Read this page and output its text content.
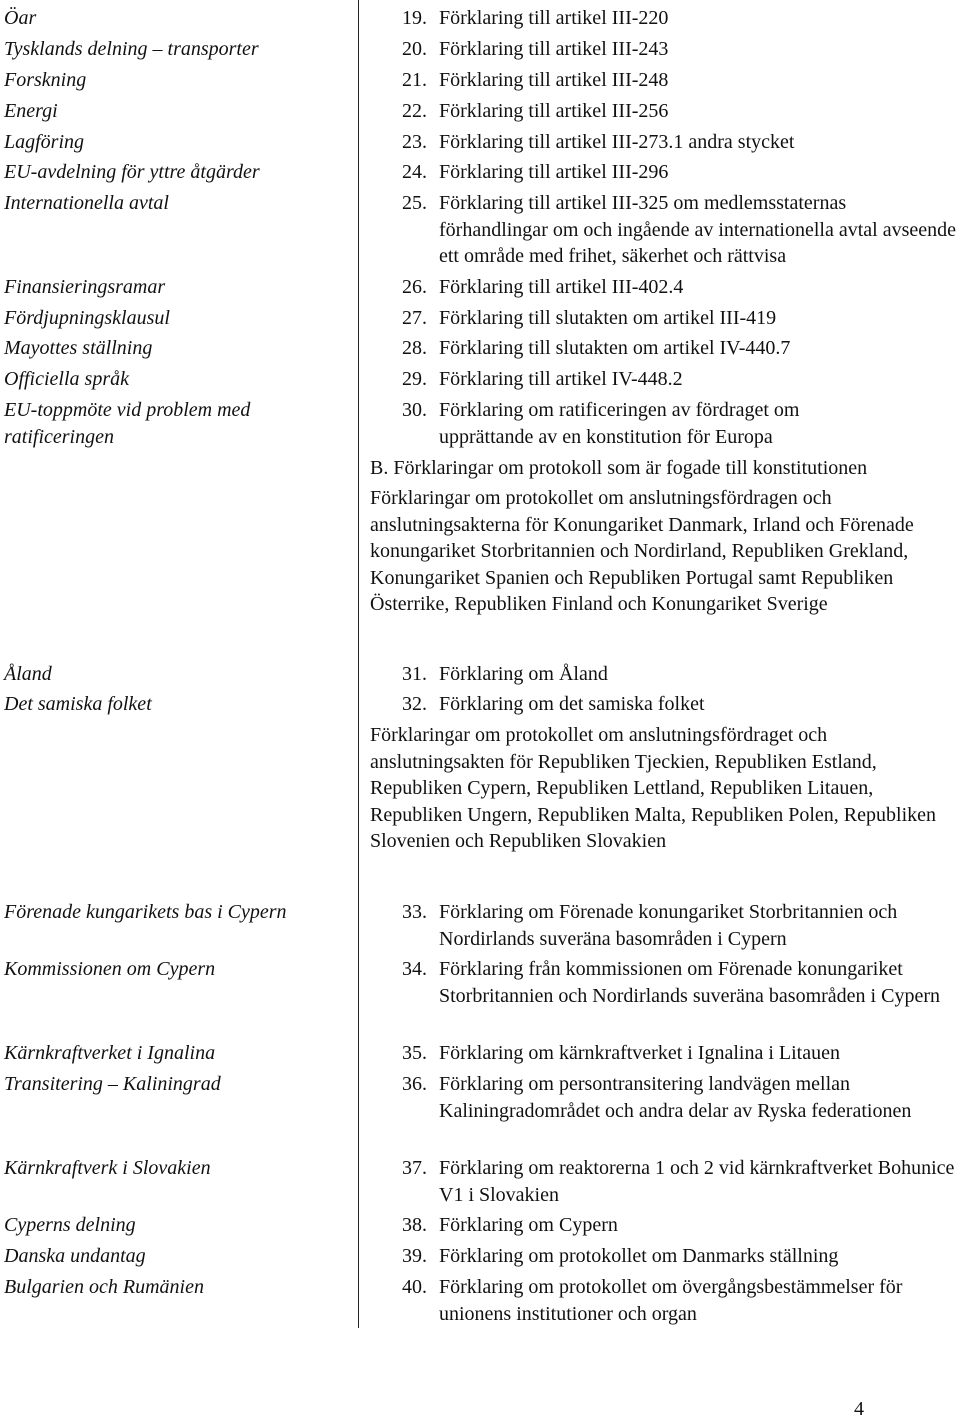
Öar
Tysklands delning – transporter
Forskning
Energi
Lagföring
EU-avdelning för yttre åtgärder
Internationella avtal
Finansieringsramar
Fördjupningsklausul
Mayottes ställning
Officiella språk
EU-toppmöte vid problem med ratificeringen
Åland
Det samiska folket
Förenade kungarikets bas i Cypern
Kommissionen om Cypern
Kärnkraftverket i Ignalina
Transitering – Kaliningrad
Kärnkraftverk i Slovakien
Cyperns delning
Danska undantag
Bulgarien och Rumänien
19. Förklaring till artikel III-220
20. Förklaring till artikel III-243
21. Förklaring till artikel III-248
22. Förklaring till artikel III-256
23. Förklaring till artikel III-273.1 andra stycket
24. Förklaring till artikel III-296
25. Förklaring till artikel III-325 om medlemsstaternas förhandlingar om och ingående av internationella avtal avseende ett område med frihet, säkerhet och rättvisa
26. Förklaring till artikel III-402.4
27. Förklaring till slutakten om artikel III-419
28. Förklaring till slutakten om artikel IV-440.7
29. Förklaring till artikel IV-448.2
30. Förklaring om ratificeringen av fördraget om upprättande av en konstitution för Europa
B. Förklaringar om protokoll som är fogade till konstitutionen
Förklaringar om protokollet om anslutningsfördragen och anslutningsakterna för Konungariket Danmark, Irland och Förenade konungariket Storbritannien och Nordirland, Republiken Grekland, Konungariket Spanien och Republiken Portugal samt Republiken Österrike, Republiken Finland och Konungariket Sverige
31. Förklaring om Åland
32. Förklaring om det samiska folket
Förklaringar om protokollet om anslutningsfördraget och anslutningsakten för Republiken Tjeckien, Republiken Estland, Republiken Cypern, Republiken Lettland, Republiken Litauen, Republiken Ungern, Republiken Malta, Republiken Polen, Republiken Slovenien och Republiken Slovakien
33. Förklaring om Förenade konungariket Storbritannien och Nordirlands suveräna basområden i Cypern
34. Förklaring från kommissionen om Förenade konungariket Storbritannien och Nordirlands suveräna basområden i Cypern
35. Förklaring om kärnkraftverket i Ignalina i Litauen
36. Förklaring om persontransitering landvägen mellan Kaliningradområdet och andra delar av Ryska federationen
37. Förklaring om reaktorerna 1 och 2 vid kärnkraftverket Bohunice V1 i Slovakien
38. Förklaring om Cypern
39. Förklaring om protokollet om Danmarks ställning
40. Förklaring om protokollet om övergångsbestämmelser för unionens institutioner och organ
4
